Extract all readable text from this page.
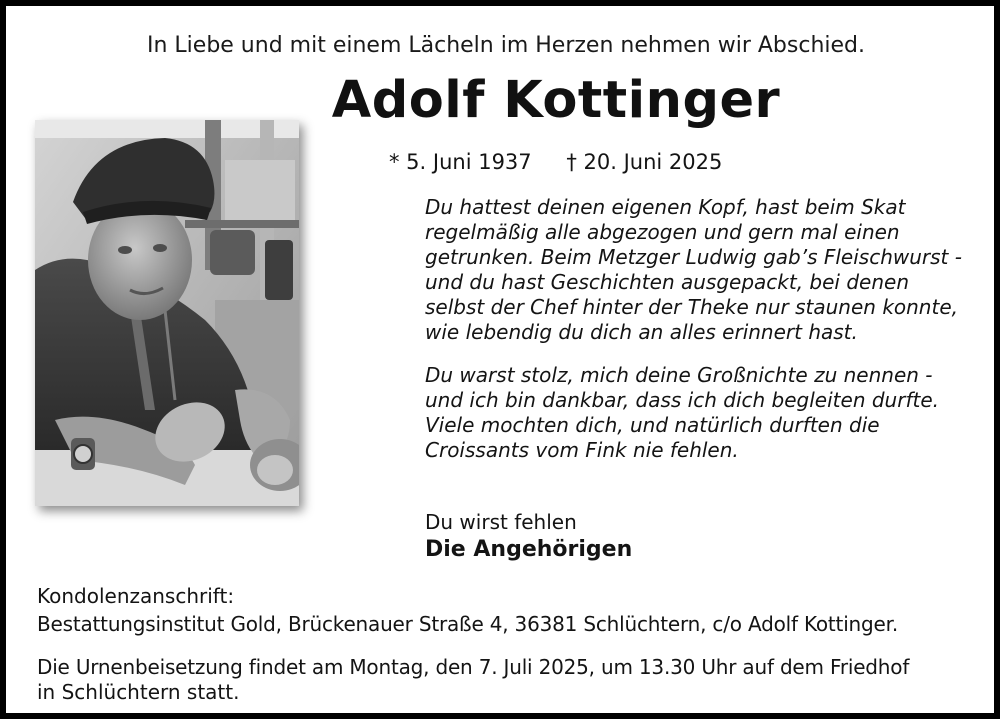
In Liebe und mit einem Lächeln im Herzen nehmen wir Abschied.
Adolf Kottinger
* 5. Juni 1937 † 20. Juni 2025
Du hattest deinen eigenen Kopf, hast beim Skat
regelmäßig alle abgezogen und gern mal einen
getrunken. Beim Metzger Ludwig gab’s Fleischwurst -
und du hast Geschichten ausgepackt, bei denen
selbst der Chef hinter der Theke nur staunen konnte,
wie lebendig du dich an alles erinnert hast.
Du warst stolz, mich deine Großnichte zu nennen -
und ich bin dankbar, dass ich dich begleiten durfte.
Viele mochten dich, und natürlich durften die
Croissants vom Fink nie fehlen.
Du wirst fehlen
Die Angehörigen
Kondolenzanschrift:
Bestattungsinstitut Gold, Brückenauer Straße 4, 36381 Schlüchtern, c/o Adolf Kottinger.
Die Urnenbeisetzung findet am Montag, den 7. Juli 2025, um 13.30 Uhr auf dem Friedhof
in Schlüchtern statt.
